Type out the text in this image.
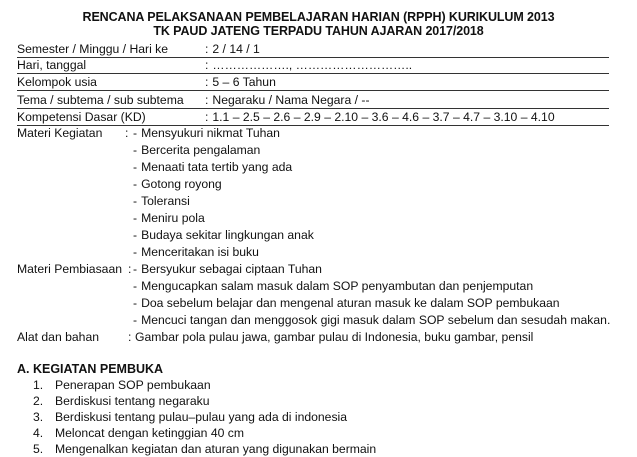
RENCANA PELAKSANAAN PEMBELAJARAN HARIAN (RPPH) KURIKULUM 2013
TK PAUD JATENG TERPADU TAHUN AJARAN 2017/2018
Semester / Minggu / Hari ke	: 2 / 14 / 1
Hari, tanggal	: ………………., ………………………..
Kelompok usia	: 5 – 6 Tahun
Tema / subtema / sub subtema : Negaraku / Nama Negara / --
Kompetensi Dasar (KD)	: 1.1 – 2.5 – 2.6 – 2.9 – 2.10 – 3.6 – 4.6 – 3.7 – 4.7 – 3.10 – 4.10
Materi Kegiatan : - Mensyukuri nikmat Tuhan
- Bercerita pengalaman
- Menaati tata tertib yang ada
- Gotong royong
- Toleransi
- Meniru pola
- Budaya sekitar lingkungan anak
- Menceritakan isi buku
Materi Pembiasaan : - Bersyukur sebagai ciptaan Tuhan
- Mengucapkan salam masuk dalam SOP penyambutan dan penjemputan
- Doa sebelum belajar dan mengenal aturan masuk ke dalam SOP pembukaan
- Mencuci tangan dan menggosok gigi masuk dalam SOP sebelum dan sesudah makan.
Alat dan bahan : Gambar pola pulau jawa, gambar pulau di Indonesia, buku gambar, pensil
A. KEGIATAN PEMBUKA
1. Penerapan SOP pembukaan
2. Berdiskusi tentang negaraku
3. Berdiskusi tentang pulau–pulau yang ada di indonesia
4. Meloncat dengan ketinggian 40 cm
5. Mengenalkan kegiatan dan aturan yang digunakan bermain
